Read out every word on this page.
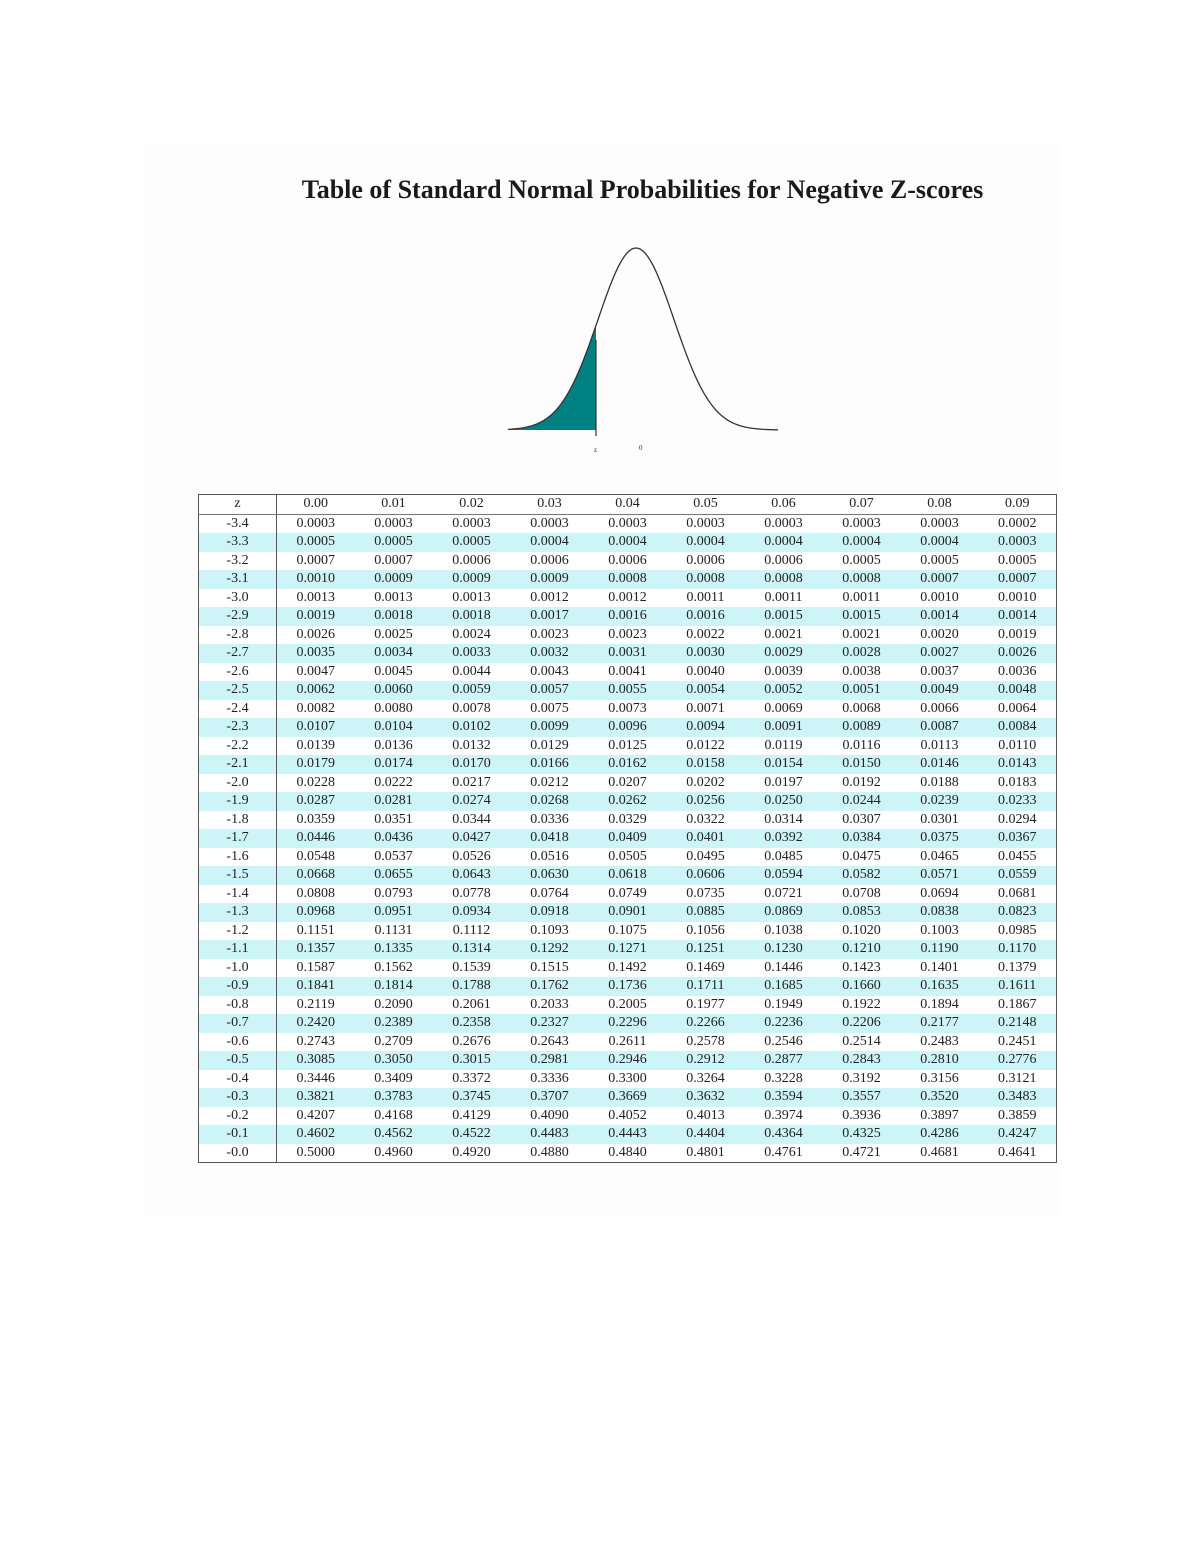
Table of Standard Normal Probabilities for Negative Z-scores
z	0
z	0.00	0.01	0.02	0.03	0.04	0.05	0.06	0.07	0.08	0.09
-3.4	0.0003	0.0003	0.0003	0.0003	0.0003	0.0003	0.0003	0.0003	0.0003	0.0002
-3.3	0.0005	0.0005	0.0005	0.0004	0.0004	0.0004	0.0004	0.0004	0.0004	0.0003
-3.2	0.0007	0.0007	0.0006	0.0006	0.0006	0.0006	0.0006	0.0005	0.0005	0.0005
-3.1	0.0010	0.0009	0.0009	0.0009	0.0008	0.0008	0.0008	0.0008	0.0007	0.0007
-3.0	0.0013	0.0013	0.0013	0.0012	0.0012	0.0011	0.0011	0.0011	0.0010	0.0010
-2.9	0.0019	0.0018	0.0018	0.0017	0.0016	0.0016	0.0015	0.0015	0.0014	0.0014
-2.8	0.0026	0.0025	0.0024	0.0023	0.0023	0.0022	0.0021	0.0021	0.0020	0.0019
-2.7	0.0035	0.0034	0.0033	0.0032	0.0031	0.0030	0.0029	0.0028	0.0027	0.0026
-2.6	0.0047	0.0045	0.0044	0.0043	0.0041	0.0040	0.0039	0.0038	0.0037	0.0036
-2.5	0.0062	0.0060	0.0059	0.0057	0.0055	0.0054	0.0052	0.0051	0.0049	0.0048
-2.4	0.0082	0.0080	0.0078	0.0075	0.0073	0.0071	0.0069	0.0068	0.0066	0.0064
-2.3	0.0107	0.0104	0.0102	0.0099	0.0096	0.0094	0.0091	0.0089	0.0087	0.0084
-2.2	0.0139	0.0136	0.0132	0.0129	0.0125	0.0122	0.0119	0.0116	0.0113	0.0110
-2.1	0.0179	0.0174	0.0170	0.0166	0.0162	0.0158	0.0154	0.0150	0.0146	0.0143
-2.0	0.0228	0.0222	0.0217	0.0212	0.0207	0.0202	0.0197	0.0192	0.0188	0.0183
-1.9	0.0287	0.0281	0.0274	0.0268	0.0262	0.0256	0.0250	0.0244	0.0239	0.0233
-1.8	0.0359	0.0351	0.0344	0.0336	0.0329	0.0322	0.0314	0.0307	0.0301	0.0294
-1.7	0.0446	0.0436	0.0427	0.0418	0.0409	0.0401	0.0392	0.0384	0.0375	0.0367
-1.6	0.0548	0.0537	0.0526	0.0516	0.0505	0.0495	0.0485	0.0475	0.0465	0.0455
-1.5	0.0668	0.0655	0.0643	0.0630	0.0618	0.0606	0.0594	0.0582	0.0571	0.0559
-1.4	0.0808	0.0793	0.0778	0.0764	0.0749	0.0735	0.0721	0.0708	0.0694	0.0681
-1.3	0.0968	0.0951	0.0934	0.0918	0.0901	0.0885	0.0869	0.0853	0.0838	0.0823
-1.2	0.1151	0.1131	0.1112	0.1093	0.1075	0.1056	0.1038	0.1020	0.1003	0.0985
-1.1	0.1357	0.1335	0.1314	0.1292	0.1271	0.1251	0.1230	0.1210	0.1190	0.1170
-1.0	0.1587	0.1562	0.1539	0.1515	0.1492	0.1469	0.1446	0.1423	0.1401	0.1379
-0.9	0.1841	0.1814	0.1788	0.1762	0.1736	0.1711	0.1685	0.1660	0.1635	0.1611
-0.8	0.2119	0.2090	0.2061	0.2033	0.2005	0.1977	0.1949	0.1922	0.1894	0.1867
-0.7	0.2420	0.2389	0.2358	0.2327	0.2296	0.2266	0.2236	0.2206	0.2177	0.2148
-0.6	0.2743	0.2709	0.2676	0.2643	0.2611	0.2578	0.2546	0.2514	0.2483	0.2451
-0.5	0.3085	0.3050	0.3015	0.2981	0.2946	0.2912	0.2877	0.2843	0.2810	0.2776
-0.4	0.3446	0.3409	0.3372	0.3336	0.3300	0.3264	0.3228	0.3192	0.3156	0.3121
-0.3	0.3821	0.3783	0.3745	0.3707	0.3669	0.3632	0.3594	0.3557	0.3520	0.3483
-0.2	0.4207	0.4168	0.4129	0.4090	0.4052	0.4013	0.3974	0.3936	0.3897	0.3859
-0.1	0.4602	0.4562	0.4522	0.4483	0.4443	0.4404	0.4364	0.4325	0.4286	0.4247
-0.0	0.5000	0.4960	0.4920	0.4880	0.4840	0.4801	0.4761	0.4721	0.4681	0.4641
